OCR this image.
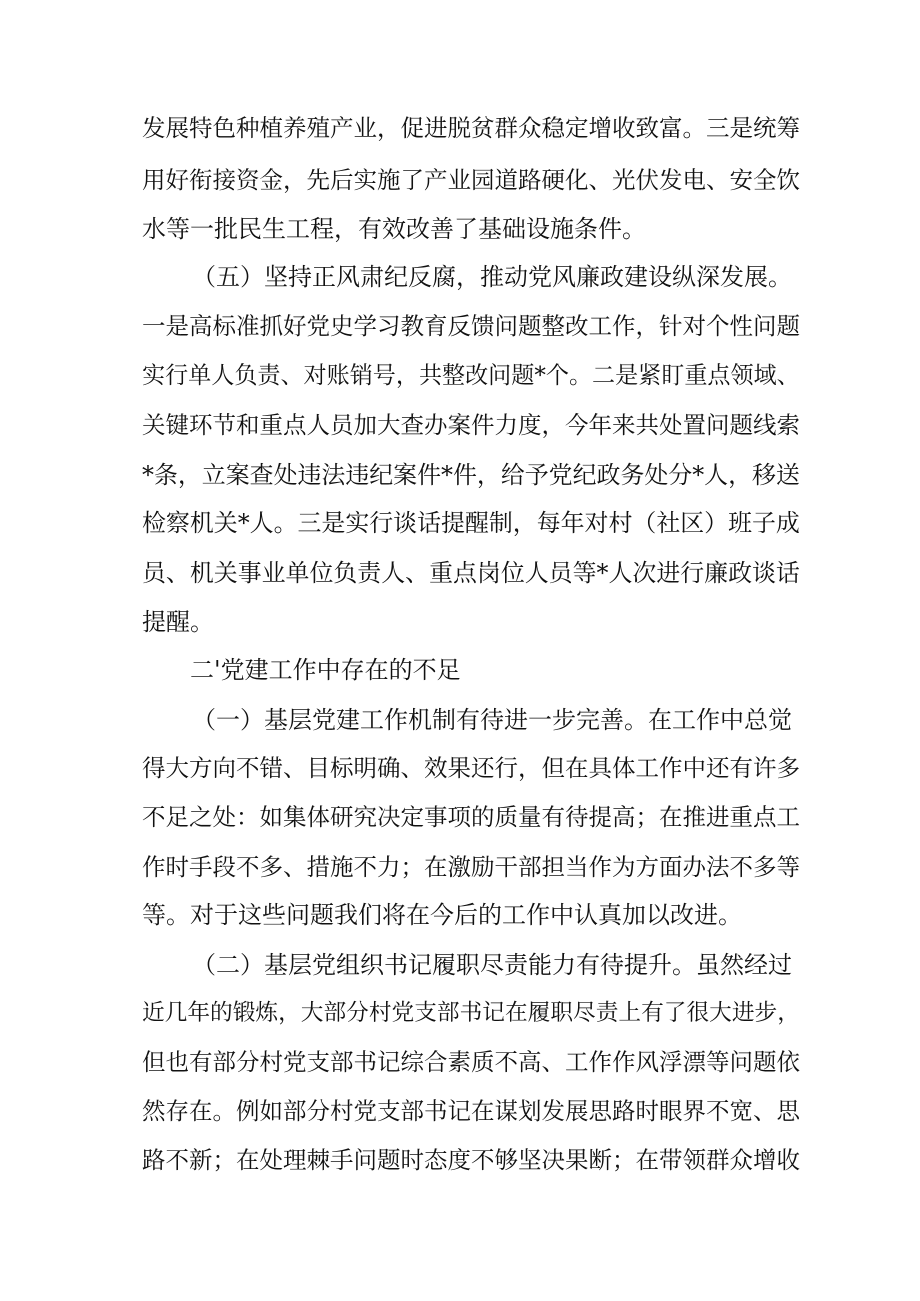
发展特色种植养殖产业，促进脱贫群众稳定增收致富。三是统筹
用好衔接资金，先后实施了产业园道路硬化、光伏发电、安全饮
水等一批民生工程，有效改善了基础设施条件。
（五）坚持正风肃纪反腐，推动党风廉政建设纵深发展。
一是高标准抓好党史学习教育反馈问题整改工作，针对个性问题
实行单人负责、对账销号，共整改问题*个。二是紧盯重点领域、
关键环节和重点人员加大查办案件力度，今年来共处置问题线索
*条，立案查处违法违纪案件*件，给予党纪政务处分*人，移送
检察机关*人。三是实行谈话提醒制，每年对村（社区）班子成
员、机关事业单位负责人、重点岗位人员等*人次进行廉政谈话
提醒。
二'党建工作中存在的不足
（一）基层党建工作机制有待进一步完善。在工作中总觉
得大方向不错、目标明确、效果还行，但在具体工作中还有许多
不足之处：如集体研究决定事项的质量有待提高；在推进重点工
作时手段不多、措施不力；在激励干部担当作为方面办法不多等
等。对于这些问题我们将在今后的工作中认真加以改进。
（二）基层党组织书记履职尽责能力有待提升。虽然经过
近几年的锻炼，大部分村党支部书记在履职尽责上有了很大进步，
但也有部分村党支部书记综合素质不高、工作作风浮漂等问题依
然存在。例如部分村党支部书记在谋划发展思路时眼界不宽、思
路不新；在处理棘手问题时态度不够坚决果断；在带领群众增收
